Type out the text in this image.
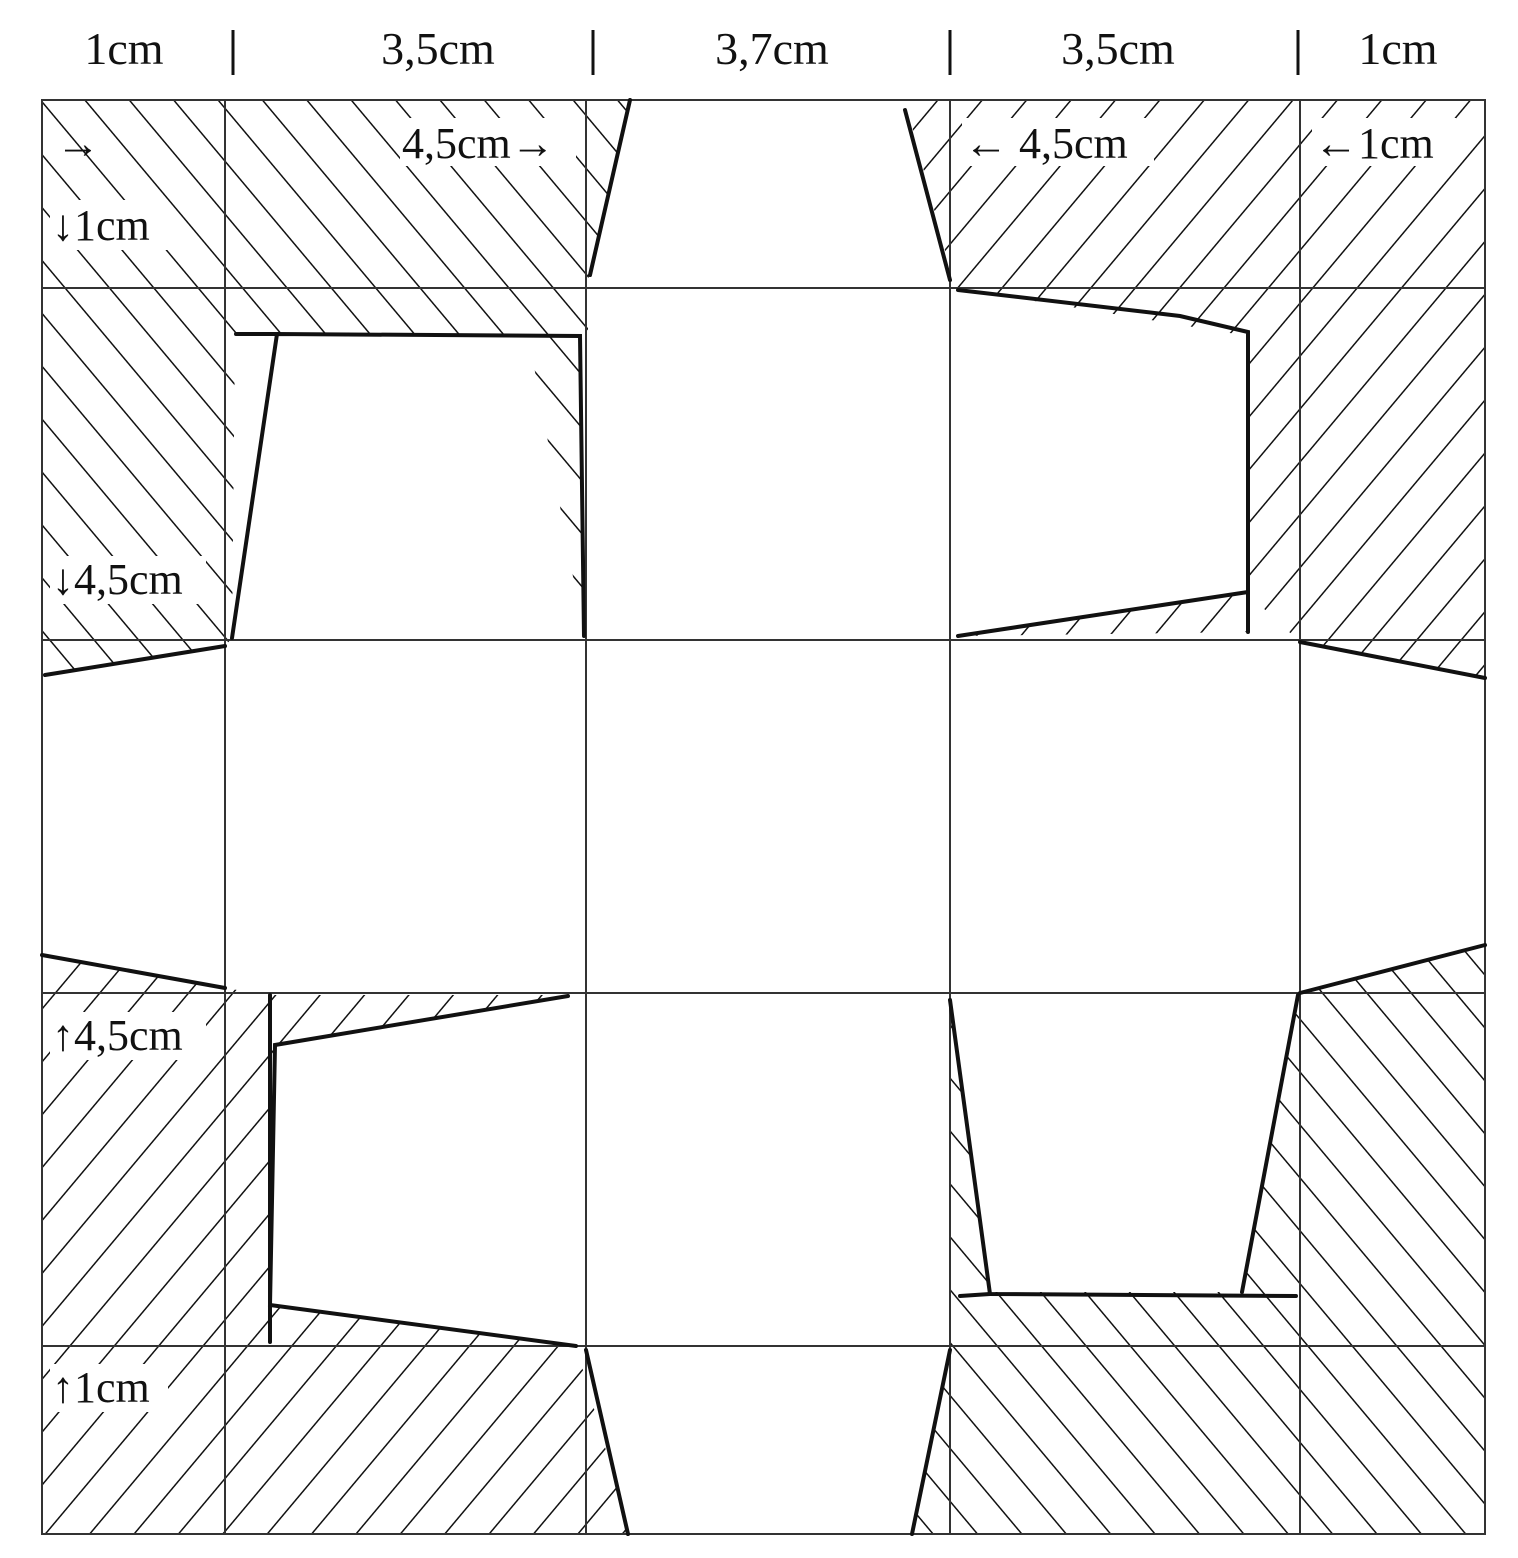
1cm	3,5cm	3,7cm	3,5cm	1cm
→
↓1cm
4,5cm→	← 4,5cm	←1cm
↓4,5cm
↑4,5cm
↑1cm
